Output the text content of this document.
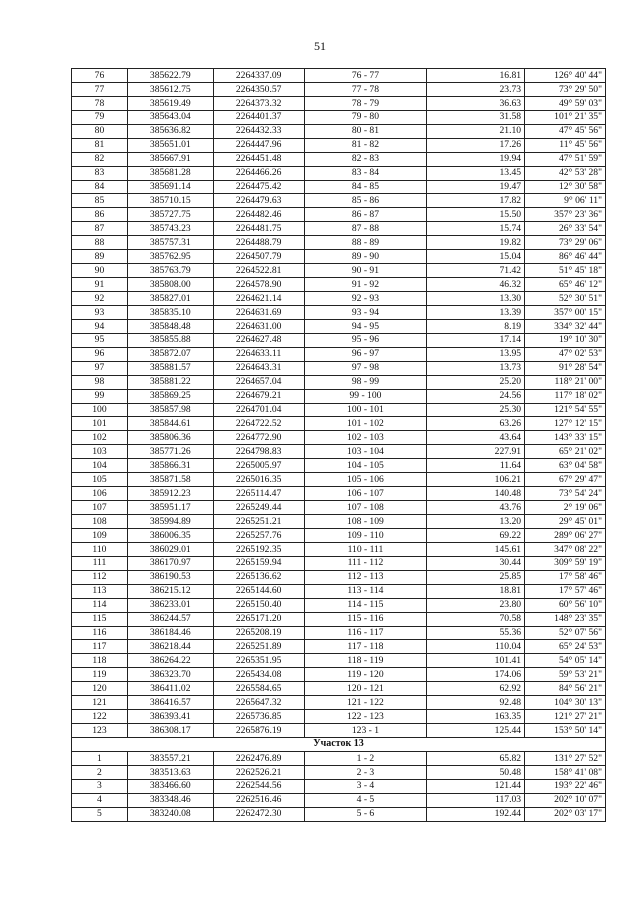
51
76	385622.79	2264337.09	76 - 77	16.81	126° 40' 44"
77	385612.75	2264350.57	77 - 78	23.73	73° 29' 50"
78	385619.49	2264373.32	78 - 79	36.63	49° 59' 03"
79	385643.04	2264401.37	79 - 80	31.58	101° 21' 35"
80	385636.82	2264432.33	80 - 81	21.10	47° 45' 56"
81	385651.01	2264447.96	81 - 82	17.26	11° 45' 56"
82	385667.91	2264451.48	82 - 83	19.94	47° 51' 59"
83	385681.28	2264466.26	83 - 84	13.45	42° 53' 28"
84	385691.14	2264475.42	84 - 85	19.47	12° 30' 58"
85	385710.15	2264479.63	85 - 86	17.82	9° 06' 11"
86	385727.75	2264482.46	86 - 87	15.50	357° 23' 36"
87	385743.23	2264481.75	87 - 88	15.74	26° 33' 54"
88	385757.31	2264488.79	88 - 89	19.82	73° 29' 06"
89	385762.95	2264507.79	89 - 90	15.04	86° 46' 44"
90	385763.79	2264522.81	90 - 91	71.42	51° 45' 18"
91	385808.00	2264578.90	91 - 92	46.32	65° 46' 12"
92	385827.01	2264621.14	92 - 93	13.30	52° 30' 51"
93	385835.10	2264631.69	93 - 94	13.39	357° 00' 15"
94	385848.48	2264631.00	94 - 95	8.19	334° 32' 44"
95	385855.88	2264627.48	95 - 96	17.14	19° 10' 30"
96	385872.07	2264633.11	96 - 97	13.95	47° 02' 53"
97	385881.57	2264643.31	97 - 98	13.73	91° 28' 54"
98	385881.22	2264657.04	98 - 99	25.20	118° 21' 00"
99	385869.25	2264679.21	99 - 100	24.56	117° 18' 02"
100	385857.98	2264701.04	100 - 101	25.30	121° 54' 55"
101	385844.61	2264722.52	101 - 102	63.26	127° 12' 15"
102	385806.36	2264772.90	102 - 103	43.64	143° 33' 15"
103	385771.26	2264798.83	103 - 104	227.91	65° 21' 02"
104	385866.31	2265005.97	104 - 105	11.64	63° 04' 58"
105	385871.58	2265016.35	105 - 106	106.21	67° 29' 47"
106	385912.23	2265114.47	106 - 107	140.48	73° 54' 24"
107	385951.17	2265249.44	107 - 108	43.76	2° 19' 06"
108	385994.89	2265251.21	108 - 109	13.20	29° 45' 01"
109	386006.35	2265257.76	109 - 110	69.22	289° 06' 27"
110	386029.01	2265192.35	110 - 111	145.61	347° 08' 22"
111	386170.97	2265159.94	111 - 112	30.44	309° 59' 19"
112	386190.53	2265136.62	112 - 113	25.85	17° 58' 46"
113	386215.12	2265144.60	113 - 114	18.81	17° 57' 46"
114	386233.01	2265150.40	114 - 115	23.80	60° 56' 10"
115	386244.57	2265171.20	115 - 116	70.58	148° 23' 35"
116	386184.46	2265208.19	116 - 117	55.36	52° 07' 56"
117	386218.44	2265251.89	117 - 118	110.04	65° 24' 53"
118	386264.22	2265351.95	118 - 119	101.41	54° 05' 14"
119	386323.70	2265434.08	119 - 120	174.06	59° 53' 21"
120	386411.02	2265584.65	120 - 121	62.92	84° 56' 21"
121	386416.57	2265647.32	121 - 122	92.48	104° 30' 13"
122	386393.41	2265736.85	122 - 123	163.35	121° 27' 21"
123	386308.17	2265876.19	123 - 1	125.44	153° 50' 14"
Участок 13					
1	383557.21	2262476.89	1 - 2	65.82	131° 27' 52"
2	383513.63	2262526.21	2 - 3	50.48	158° 41' 08"
3	383466.60	2262544.56	3 - 4	121.44	193° 22' 46"
4	383348.46	2262516.46	4 - 5	117.03	202° 10' 07"
5	383240.08	2262472.30	5 - 6	192.44	202° 03' 17"
